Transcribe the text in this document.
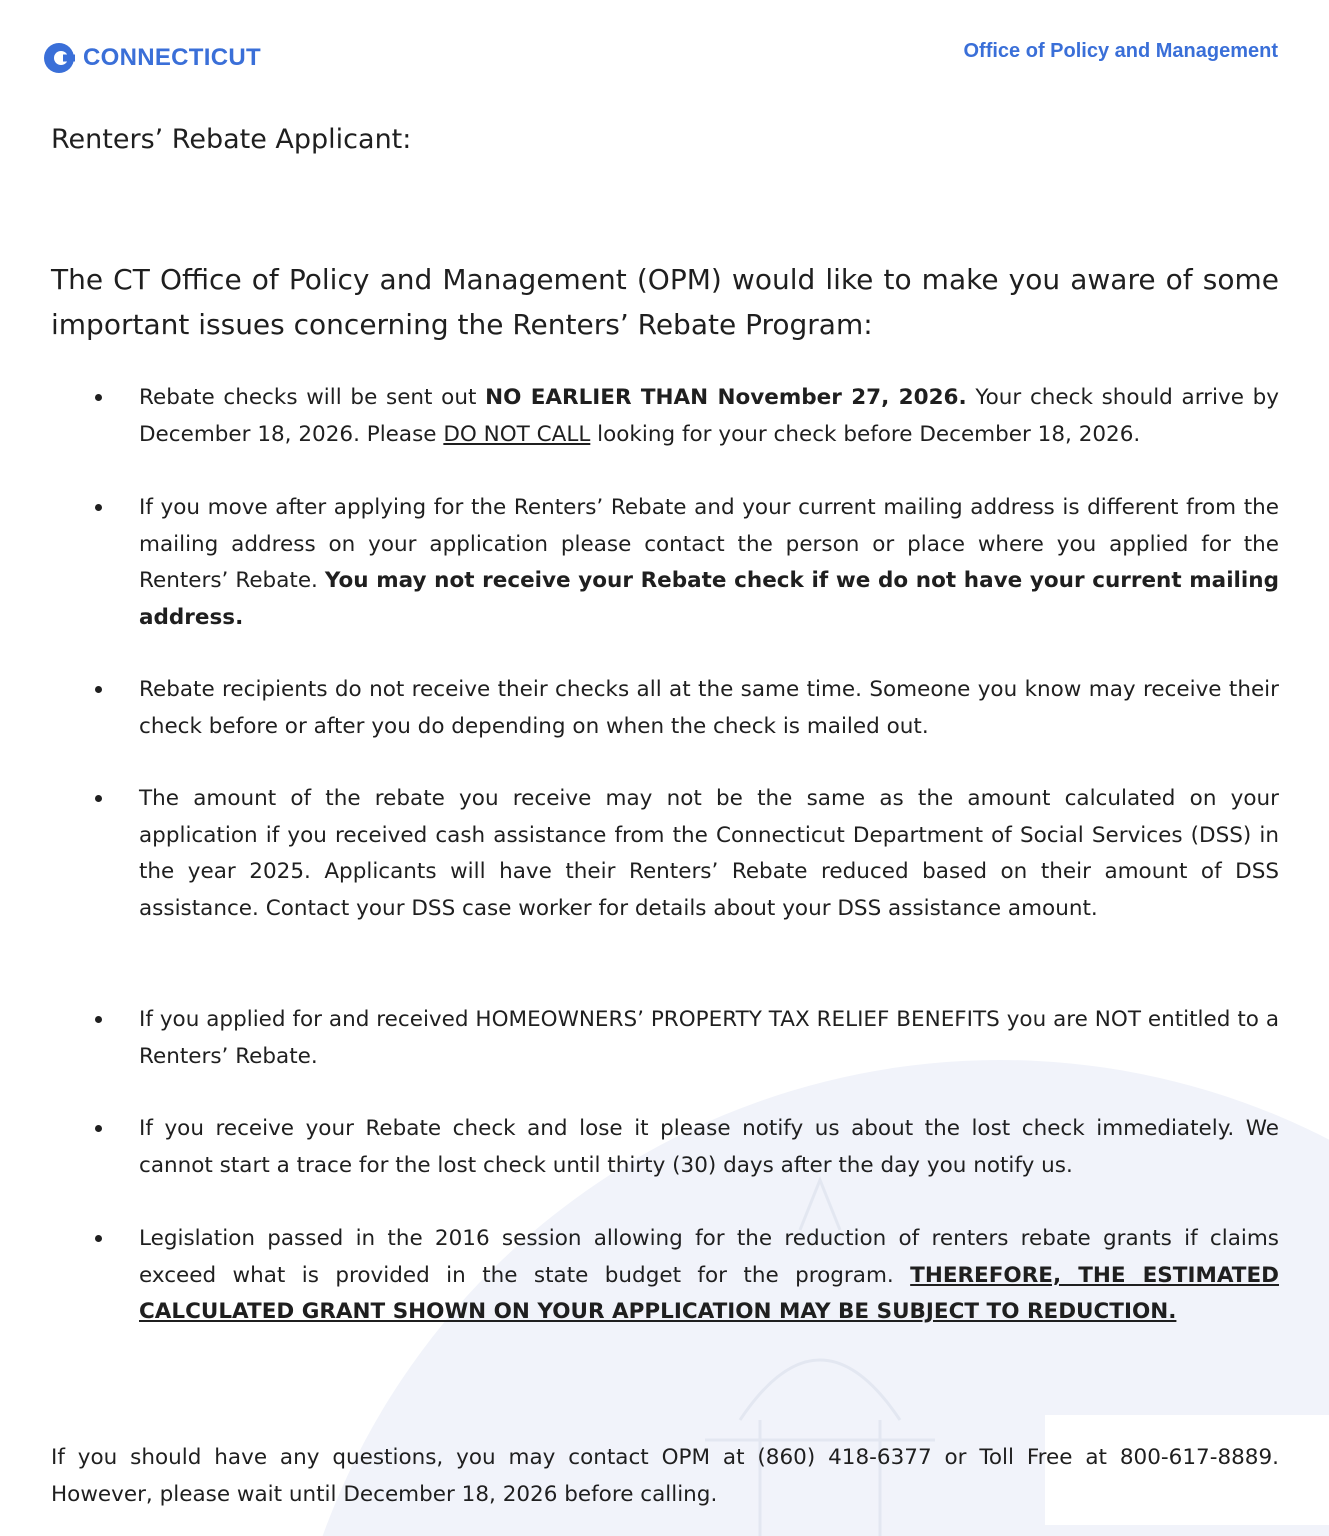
CONNECTICUT	Office of Policy and Management
Renters’ Rebate Applicant:
The CT Office of Policy and Management (OPM) would like to make you aware of some important issues concerning the Renters’ Rebate Program:
Rebate checks will be sent out NO EARLIER THAN November 27, 2026. Your check should arrive by December 18, 2026. Please DO NOT CALL looking for your check before December 18, 2026.
If you move after applying for the Renters’ Rebate and your current mailing address is different from the mailing address on your application please contact the person or place where you applied for the Renters’ Rebate. You may not receive your Rebate check if we do not have your current mailing address.
Rebate recipients do not receive their checks all at the same time. Someone you know may receive their check before or after you do depending on when the check is mailed out.
The amount of the rebate you receive may not be the same as the amount calculated on your application if you received cash assistance from the Connecticut Department of Social Services (DSS) in the year 2025. Applicants will have their Renters’ Rebate reduced based on their amount of DSS assistance. Contact your DSS case worker for details about your DSS assistance amount.
If you applied for and received HOMEOWNERS’ PROPERTY TAX RELIEF BENEFITS you are NOT entitled to a Renters’ Rebate.
If you receive your Rebate check and lose it please notify us about the lost check immediately. We cannot start a trace for the lost check until thirty (30) days after the day you notify us.
Legislation passed in the 2016 session allowing for the reduction of renters rebate grants if claims exceed what is provided in the state budget for the program. THEREFORE, THE ESTIMATED CALCULATED GRANT SHOWN ON YOUR APPLICATION MAY BE SUBJECT TO REDUCTION.
If you should have any questions, you may contact OPM at (860) 418-6377 or Toll Free at 800-617-8889. However, please wait until December 18, 2026 before calling.
